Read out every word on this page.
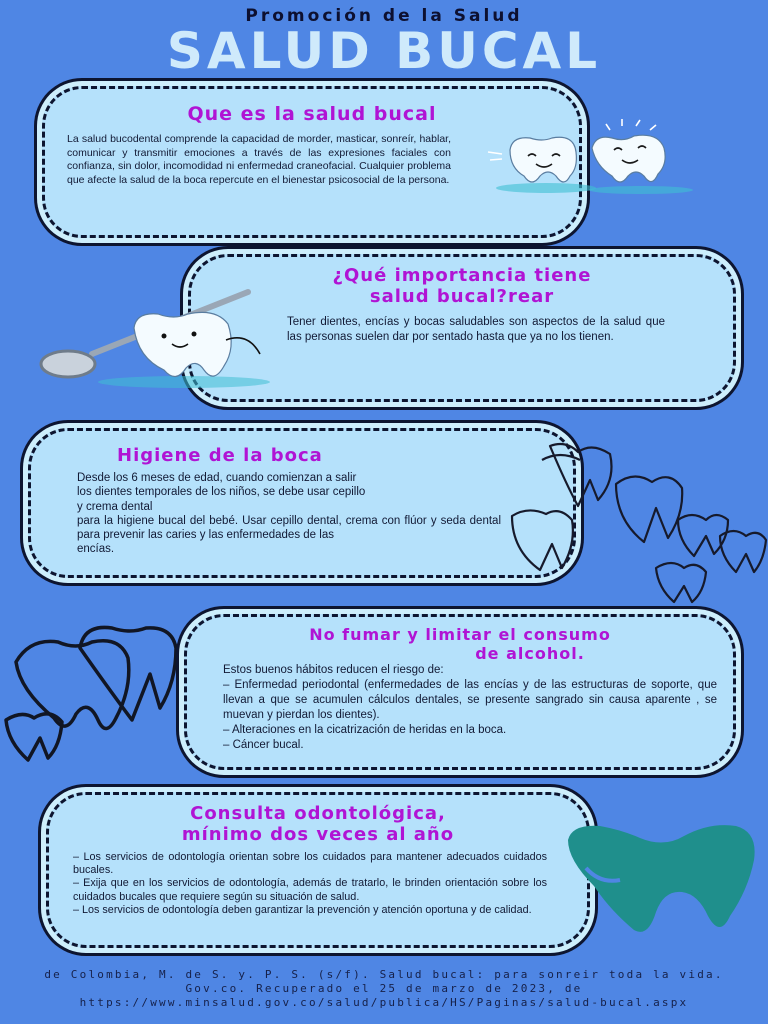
Promoción de la Salud
SALUD BUCAL
Que es la salud bucal

La salud bucodental comprende la capacidad de morder, masticar, sonreír, hablar, comunicar y transmitir emociones a través de las expresiones faciales con confianza, sin dolor, incomodidad ni enfermedad craneofacial. Cualquier problema que afecte la salud de la boca repercute en el bienestar psicosocial de la persona.

¿Qué importancia tiene
salud bucal?rear

Tener dientes, encías y bocas saludables son aspectos de la salud que las personas suelen dar por sentado hasta que ya no los tienen.

Higiene de la boca

Desde los 6 meses de edad, cuando comienzan a salir

los dientes temporales de los niños, se debe usar cepillo

y crema dental

para la higiene bucal del bebé. Usar cepillo dental, crema con flúor y seda dental para prevenir las caries y las enfermedades de las

encías.

No fumar y limitar el consumo
de alcohol.

Estos buenos hábitos reducen el riesgo de:

– Enfermedad periodontal (enfermedades de las encías y de las estructuras de soporte, que llevan a que se acumulen cálculos dentales, se presente sangrado sin causa aparente , se muevan y pierdan los dientes).

– Alteraciones en la cicatrización de heridas en la boca.

– Cáncer bucal.

Consulta odontológica,
mínimo dos veces al año

– Los servicios de odontología orientan sobre los cuidados para mantener adecuados cuidados bucales.

– Exija que en los servicios de odontología, además de tratarlo, le brinden orientación sobre los cuidados bucales que requiere según su situación de salud.

– Los servicios de odontología deben garantizar la prevención y atención oportuna y de calidad.

de Colombia, M. de S. y. P. S. (s/f). Salud bucal: para sonreir toda la vida. Gov.co. Recuperado el 25 de marzo de 2023, de https://www.minsalud.gov.co/salud/publica/HS/Paginas/salud-bucal.aspx
